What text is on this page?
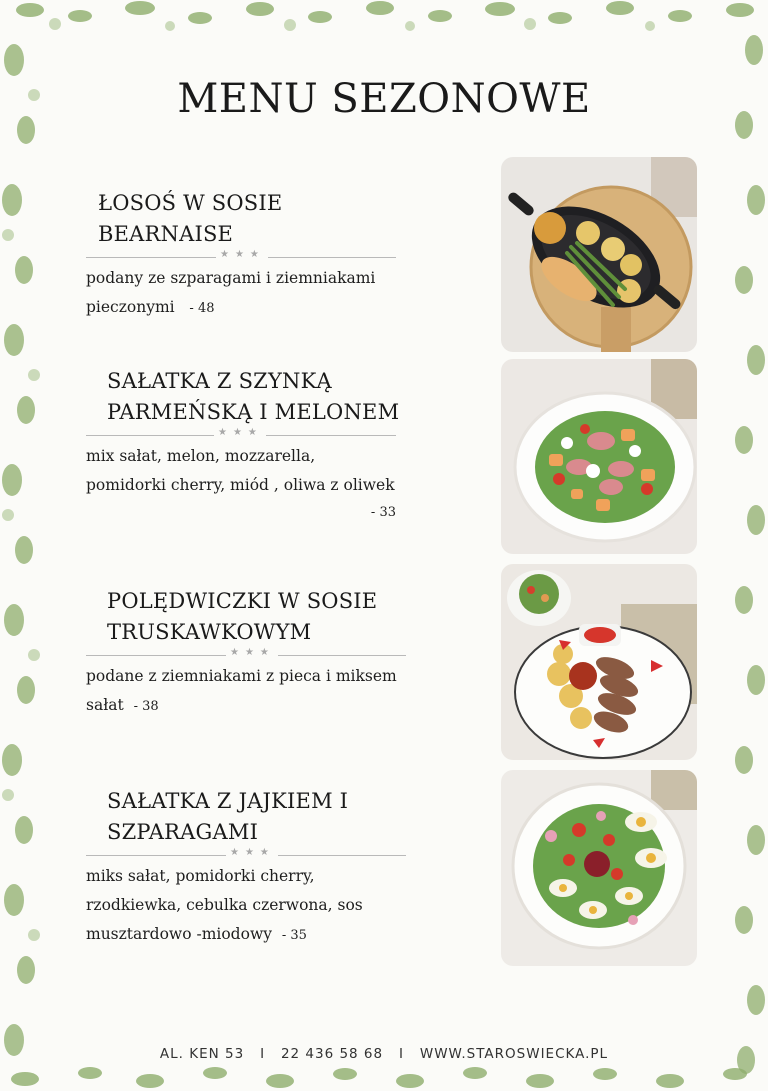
MENU SEZONOWE
ŁOSOŚ W SOSIE BEARNAISE
★★★
podany ze szparagami i ziemniakami
pieczonymi - 48
SAŁATKA Z SZYNKĄ
PARMEŃSKĄ I MELONEM
★★★
mix sałat, melon, mozzarella,
pomidorki cherry, miód , oliwa z oliwek
- 33
POLĘDWICZKI W SOSIE
TRUSKAWKOWYM
★★★
podane z ziemniakami z pieca i miksem
sałat - 38
SAŁATKA Z JAJKIEM I
SZPARAGAMI
★★★
miks sałat, pomidorki cherry,
rzodkiewka, cebulka czerwona, sos
musztardowo -miodowy - 35
AL. KEN 53 I 22 436 58 68 I WWW.STAROSWIECKA.PL
